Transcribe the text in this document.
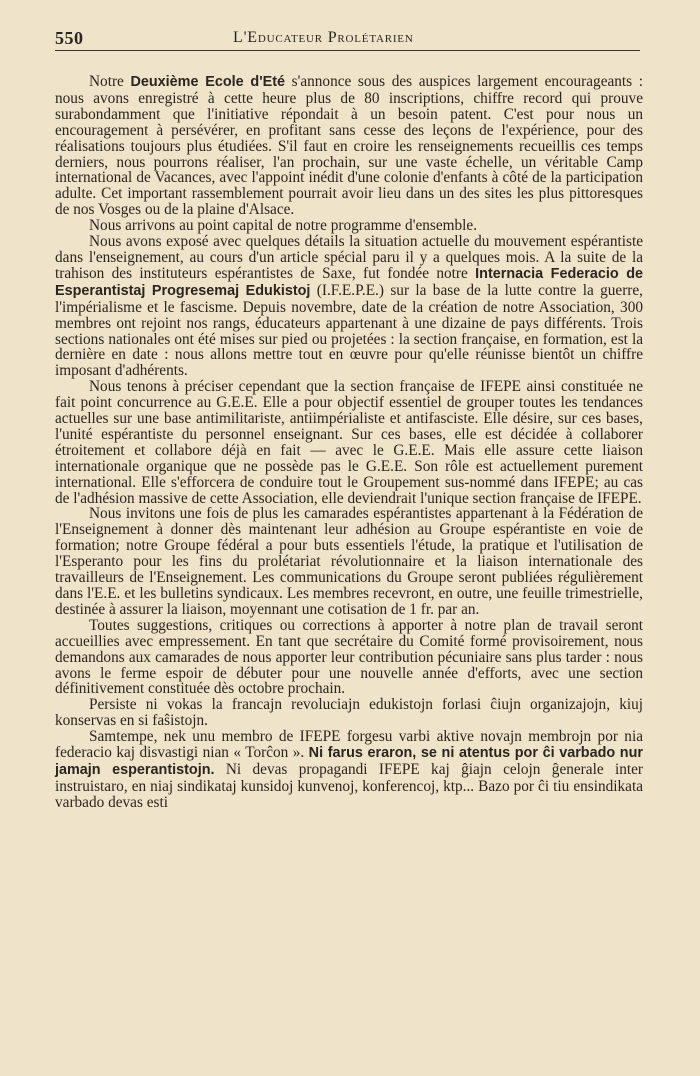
550	L'Educateur Prolétarien

Notre Deuxième Ecole d'Eté s'annonce sous des auspices largement encourageants : nous avons enregistré à cette heure plus de 80 inscriptions, chiffre record qui prouve surabondamment que l'initiative répondait à un besoin patent. C'est pour nous un encouragement à persévérer, en profitant sans cesse des leçons de l'expérience, pour des réalisations toujours plus étudiées. S'il faut en croire les renseignements recueillis ces temps derniers, nous pourrons réaliser, l'an prochain, sur une vaste échelle, un véritable Camp international de Vacances, avec l'appoint inédit d'une colonie d'enfants à côté de la participation adulte. Cet important rassemblement pourrait avoir lieu dans un des sites les plus pittoresques de nos Vosges ou de la plaine d'Alsace.

Nous arrivons au point capital de notre programme d'ensemble.

Nous avons exposé avec quelques détails la situation actuelle du mouvement espérantiste dans l'enseignement, au cours d'un article spécial paru il y a quelques mois. A la suite de la trahison des instituteurs espérantistes de Saxe, fut fondée notre Internacia Federacio de Esperantistaj Progresemaj Edukistoj (I.F.E.P.E.) sur la base de la lutte contre la guerre, l'impérialisme et le fascisme. Depuis novembre, date de la création de notre Association, 300 membres ont rejoint nos rangs, éducateurs appartenant à une dizaine de pays différents. Trois sections nationales ont été mises sur pied ou projetées : la section française, en formation, est la dernière en date : nous allons mettre tout en œuvre pour qu'elle réunisse bientôt un chiffre imposant d'adhérents.

Nous tenons à préciser cependant que la section française de IFEPE ainsi constituée ne fait point concurrence au G.E.E. Elle a pour objectif essentiel de grouper toutes les tendances actuelles sur une base antimilitariste, antiimpérialiste et antifasciste. Elle désire, sur ces bases, l'unité espérantiste du personnel enseignant. Sur ces bases, elle est décidée à collaborer étroitement et collabore déjà en fait — avec le G.E.E. Mais elle assure cette liaison internationale organique que ne possède pas le G.E.E. Son rôle est actuellement purement international. Elle s'efforcera de conduire tout le Groupement sus-nommé dans IFEPE; au cas de l'adhésion massive de cette Association, elle deviendrait l'unique section française de IFEPE.

Nous invitons une fois de plus les camarades espérantistes appartenant à la Fédération de l'Enseignement à donner dès maintenant leur adhésion au Groupe espérantiste en voie de formation; notre Groupe fédéral a pour buts essentiels l'étude, la pratique et l'utilisation de l'Esperanto pour les fins du prolétariat révolutionnaire et la liaison internationale des travailleurs de l'Enseignement. Les communications du Groupe seront publiées régulièrement dans l'E.E. et les bulletins syndicaux. Les membres recevront, en outre, une feuille trimestrielle, destinée à assurer la liaison, moyennant une cotisation de 1 fr. par an.

Toutes suggestions, critiques ou corrections à apporter à notre plan de travail seront accueillies avec empressement. En tant que secrétaire du Comité formé provisoirement, nous demandons aux camarades de nous apporter leur contribution pécuniaire sans plus tarder : nous avons le ferme espoir de débuter pour une nouvelle année d'efforts, avec une section définitivement constituée dès octobre prochain.

Persiste ni vokas la francajn revoluciajn edukistojn forlasi ĉiujn organizajojn, kiuj konservas en si faŝistojn.

Samtempe, nek unu membro de IFEPE forgesu varbi aktive novajn membrojn por nia federacio kaj disvastigi nian « Torĉon ». Ni farus eraron, se ni atentus por ĉi varbado nur jamajn esperantistojn. Ni devas propagandi IFEPE kaj ĝiajn celojn ĝenerale inter instruistaro, en niaj sindikataj kunsidoj kunvenoj, konferencoj, ktp... Bazo por ĉi tiu ensindikata varbado devas esti
